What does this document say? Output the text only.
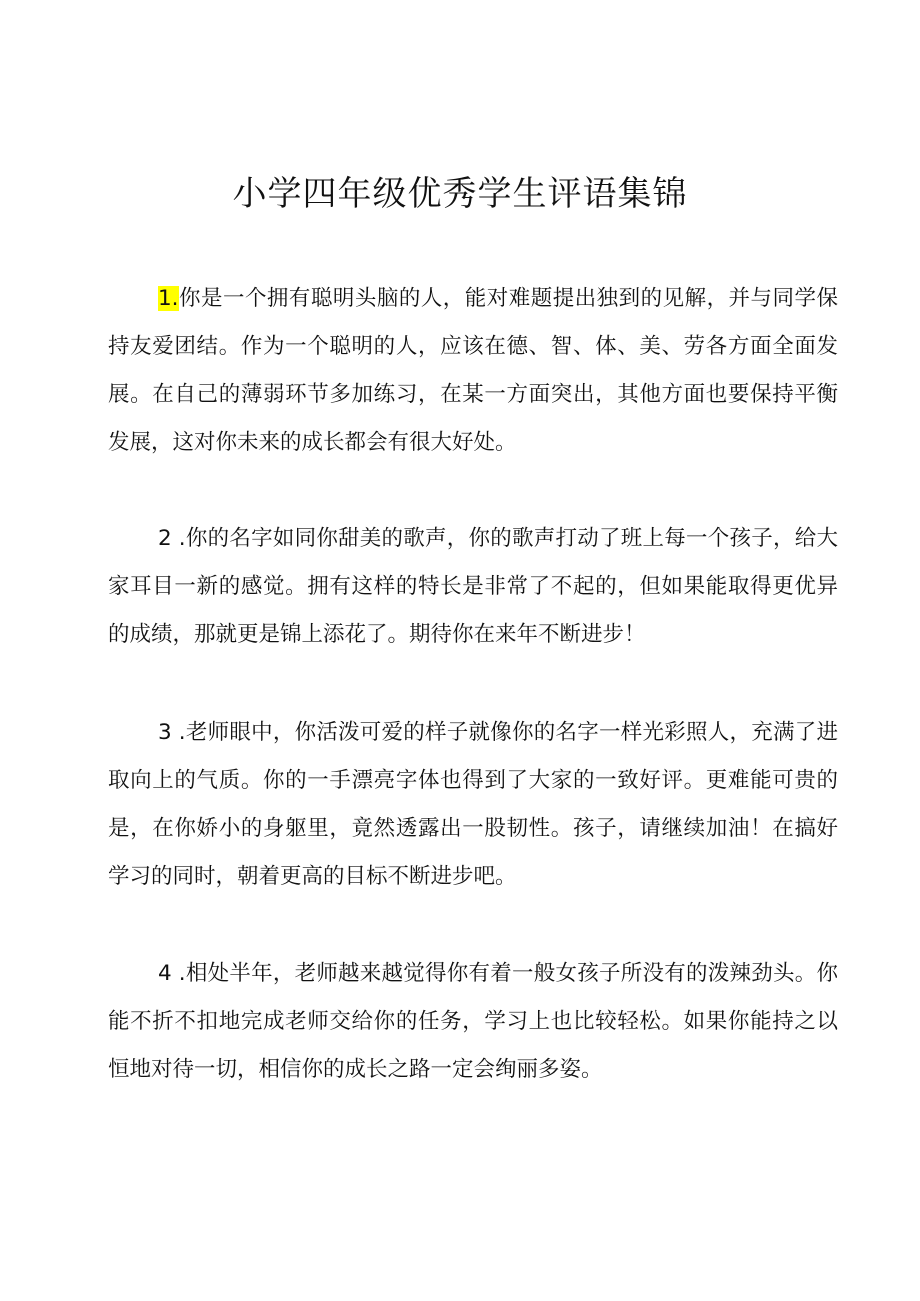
小学四年级优秀学生评语集锦

1.你是一个拥有聪明头脑的人，能对难题提出独到的见解，并与同学保持友爱团结。作为一个聪明的人，应该在德、智、体、美、劳各方面全面发展。在自己的薄弱环节多加练习，在某一方面突出，其他方面也要保持平衡发展，这对你未来的成长都会有很大好处。

2 .你的名字如同你甜美的歌声，你的歌声打动了班上每一个孩子，给大家耳目一新的感觉。拥有这样的特长是非常了不起的，但如果能取得更优异的成绩，那就更是锦上添花了。期待你在来年不断进步！

3 .老师眼中，你活泼可爱的样子就像你的名字一样光彩照人，充满了进取向上的气质。你的一手漂亮字体也得到了大家的一致好评。更难能可贵的是，在你娇小的身躯里，竟然透露出一股韧性。孩子，请继续加油！在搞好学习的同时，朝着更高的目标不断进步吧。

4 .相处半年，老师越来越觉得你有着一般女孩子所没有的泼辣劲头。你能不折不扣地完成老师交给你的任务，学习上也比较轻松。如果你能持之以恒地对待一切，相信你的成长之路一定会绚丽多姿。
